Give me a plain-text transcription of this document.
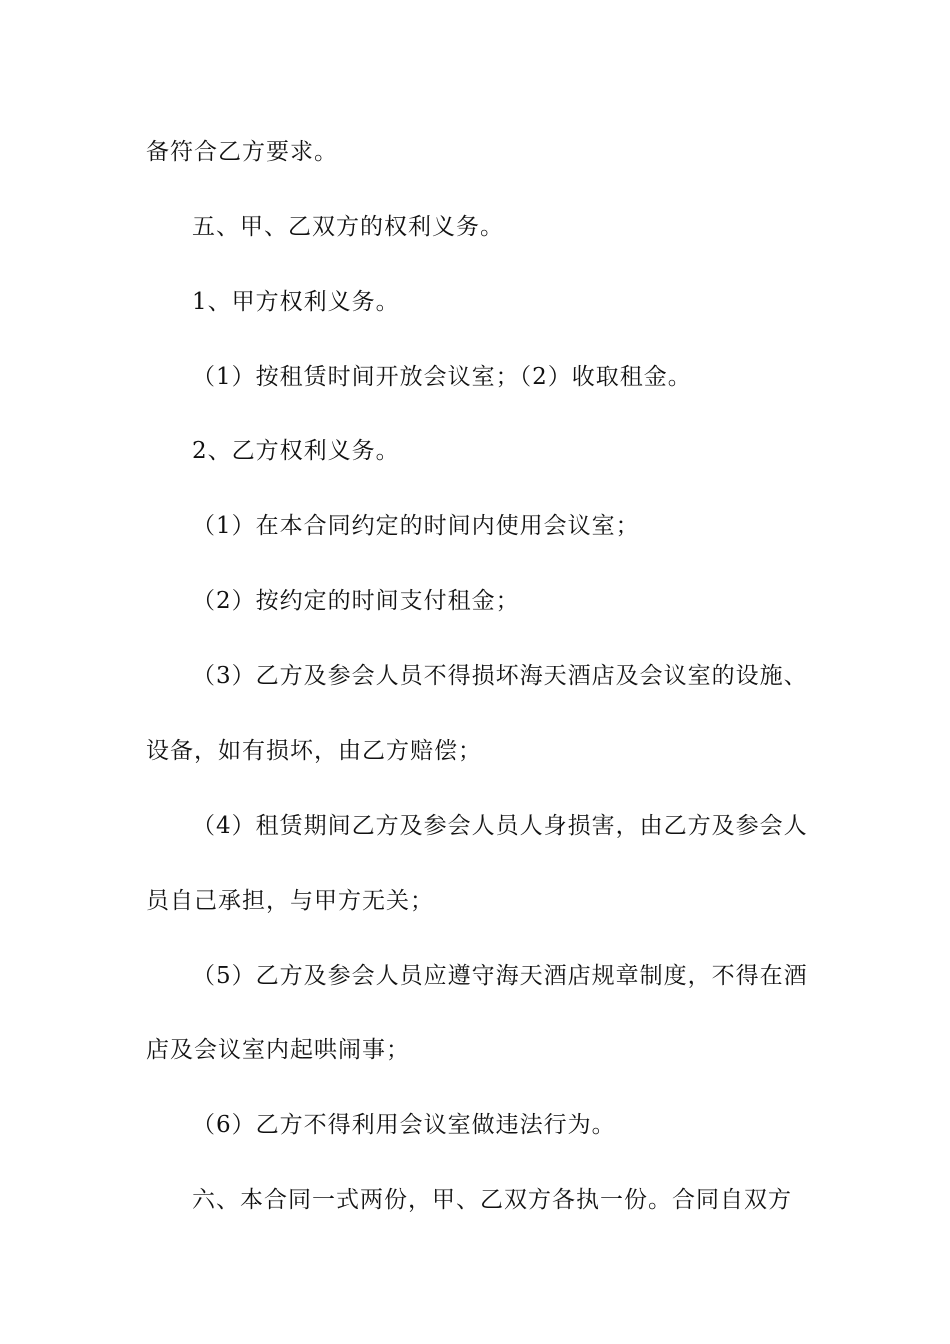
备符合乙方要求。
五、甲、乙双方的权利义务。
1、甲方权利义务。
（1）按租赁时间开放会议室；（2）收取租金。
2、乙方权利义务。
（1）在本合同约定的时间内使用会议室；
（2）按约定的时间支付租金；
（3）乙方及参会人员不得损坏海天酒店及会议室的设施、
设备，如有损坏，由乙方赔偿；
（4）租赁期间乙方及参会人员人身损害，由乙方及参会人
员自己承担，与甲方无关；
（5）乙方及参会人员应遵守海天酒店规章制度，不得在酒
店及会议室内起哄闹事；
（6）乙方不得利用会议室做违法行为。
六、本合同一式两份，甲、乙双方各执一份。合同自双方
